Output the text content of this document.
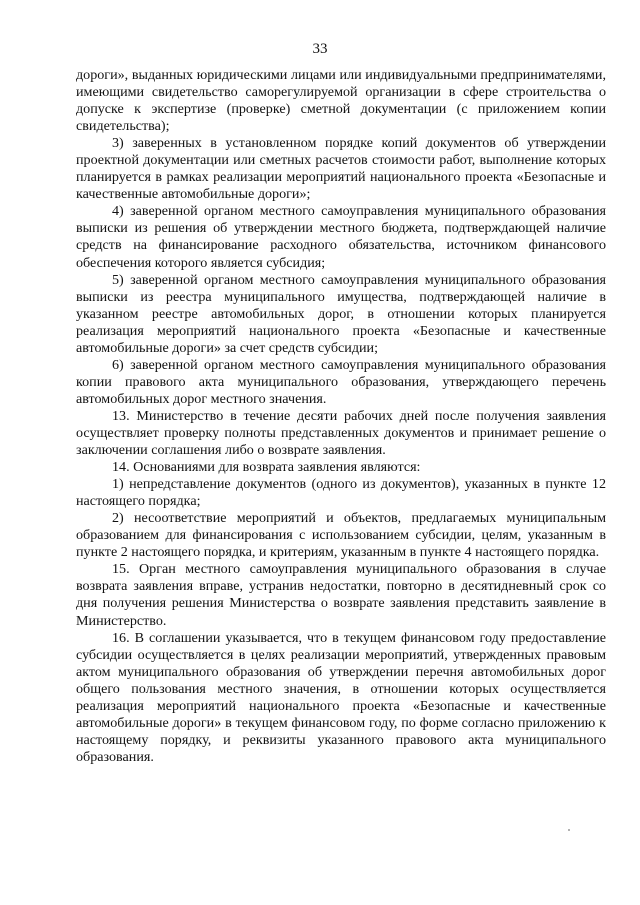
33

дороги», выданных юридическими лицами или индивидуальными предпринимателями, имеющими свидетельство саморегулируемой организации в сфере строительства о допуске к экспертизе (проверке) сметной документации (с приложением копии свидетельства);

3) заверенных в установленном порядке копий документов об утверждении проектной документации или сметных расчетов стоимости работ, выполнение которых планируется в рамках реализации мероприятий национального проекта «Безопасные и качественные автомобильные дороги»;

4) заверенной органом местного самоуправления муниципального образования выписки из решения об утверждении местного бюджета, подтверждающей наличие средств на финансирование расходного обязательства, источником финансового обеспечения которого является субсидия;

5) заверенной органом местного самоуправления муниципального образования выписки из реестра муниципального имущества, подтверждающей наличие в указанном реестре автомобильных дорог, в отношении которых планируется реализация мероприятий национального проекта «Безопасные и качественные автомобильные дороги» за счет средств субсидии;

6) заверенной органом местного самоуправления муниципального образования копии правового акта муниципального образования, утверждающего перечень автомобильных дорог местного значения.

13. Министерство в течение десяти рабочих дней после получения заявления осуществляет проверку полноты представленных документов и принимает решение о заключении соглашения либо о возврате заявления.

14. Основаниями для возврата заявления являются:

1) непредставление документов (одного из документов), указанных в пункте 12 настоящего порядка;

2) несоответствие мероприятий и объектов, предлагаемых муниципальным образованием для финансирования с использованием субсидии, целям, указанным в пункте 2 настоящего порядка, и критериям, указанным в пункте 4 настоящего порядка.

15. Орган местного самоуправления муниципального образования в случае возврата заявления вправе, устранив недостатки, повторно в десятидневный срок со дня получения решения Министерства о возврате заявления представить заявление в Министерство.

16. В соглашении указывается, что в текущем финансовом году предоставление субсидии осуществляется в целях реализации мероприятий, утвержденных правовым актом муниципального образования об утверждении перечня автомобильных дорог общего пользования местного значения, в отношении которых осуществляется реализация мероприятий национального проекта «Безопасные и качественные автомобильные дороги» в текущем финансовом году, по форме согласно приложению к настоящему порядку, и реквизиты указанного правового акта муниципального образования.
